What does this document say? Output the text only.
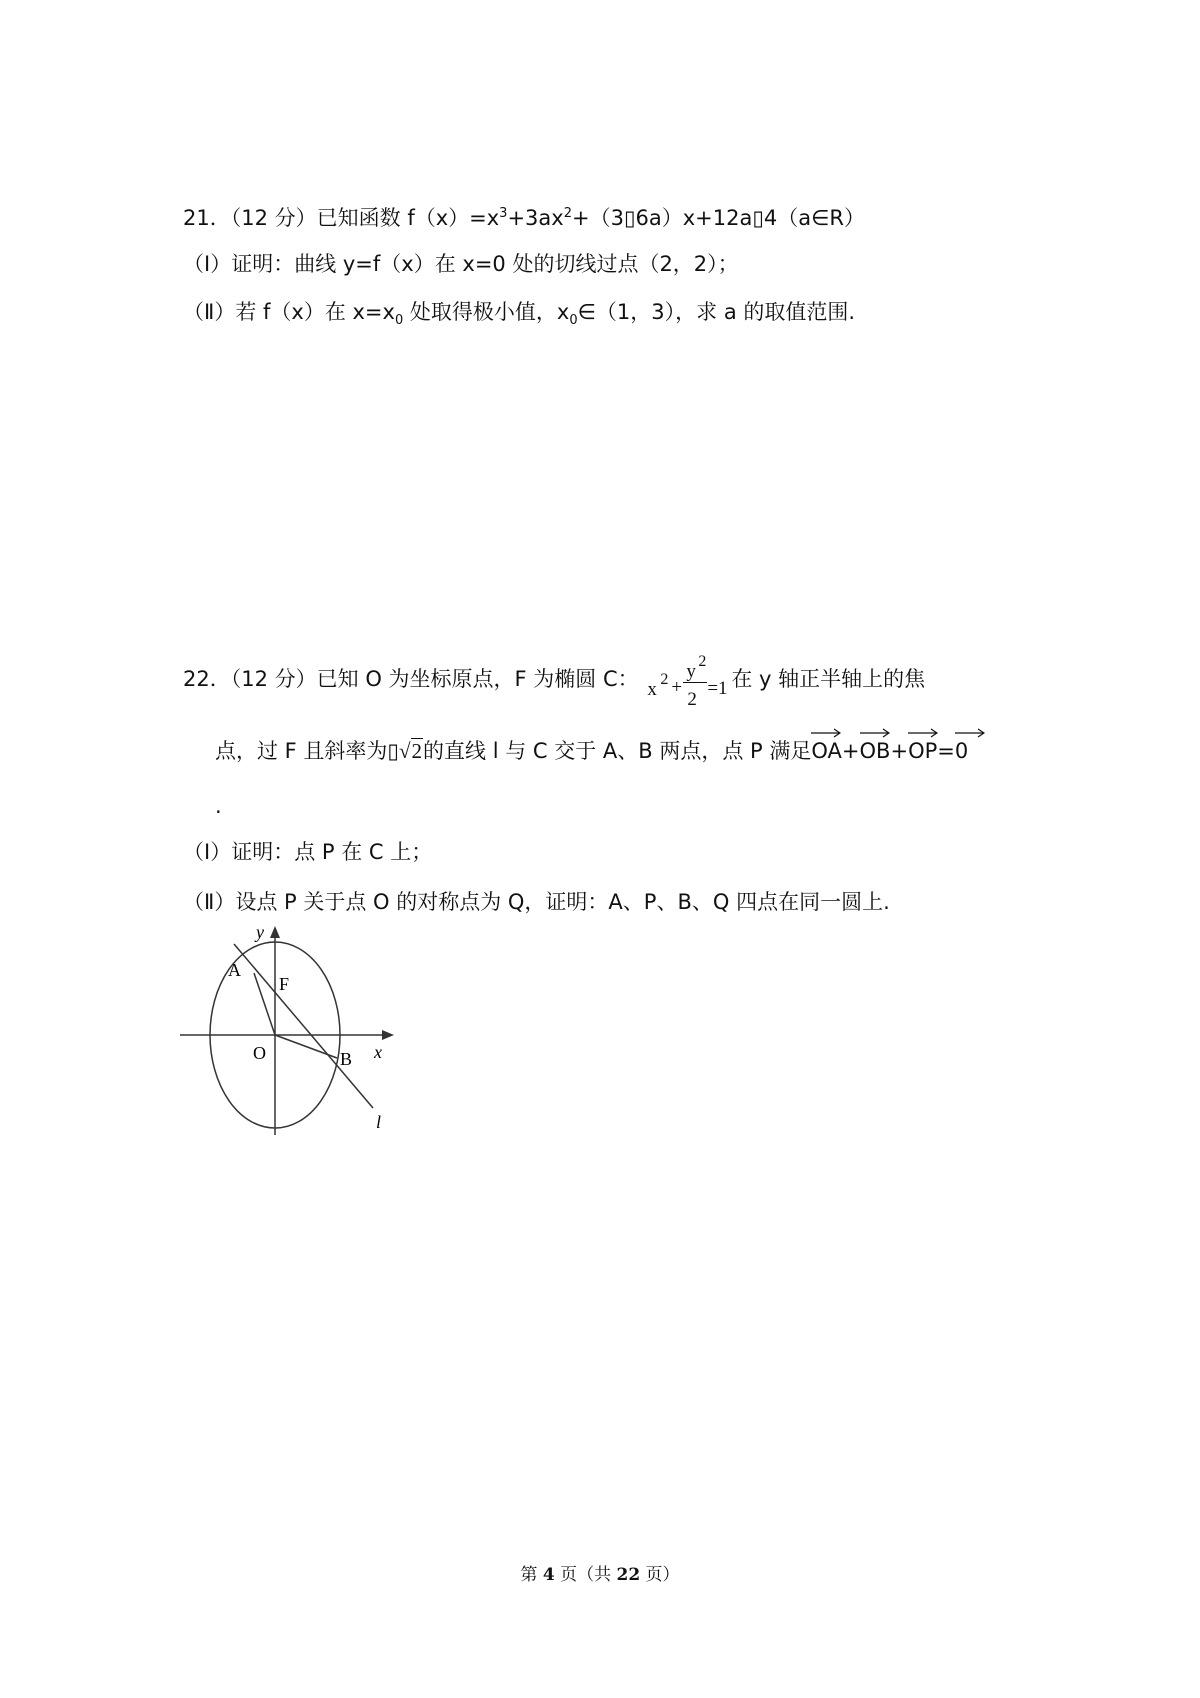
21．（12 分）已知函数 $f(x)=x^3+3ax^2+(3▯6a)x+12a▯4(a\in R)$
（Ⅰ）证明：曲线 y=f（x）在 x=0 处的切线过点（2，2）；
（Ⅱ）若 f（x）在 $x=x_0$ 处取得极小值，$x_0\in(1$，3），求 a 的取值范围.
22．（12 分）已知 O 为坐标原点，F 为椭圆 C： x 2 +
y 2
2
=1 在 y 轴正半轴上的焦
点，过 F 且斜率为▯√2的直线 l 与 C 交于 A、B 两点，点 P 满足
OA+
OB+
OP=
0
.
（Ⅰ）证明：点 P 在 C 上；
（Ⅱ）设点 P 关于点 O 的对称点为 Q，证明：A、P、B、Q 四点在同一圆上.
y
A
F
O	B x
l
第 4 页（共 22 页）
